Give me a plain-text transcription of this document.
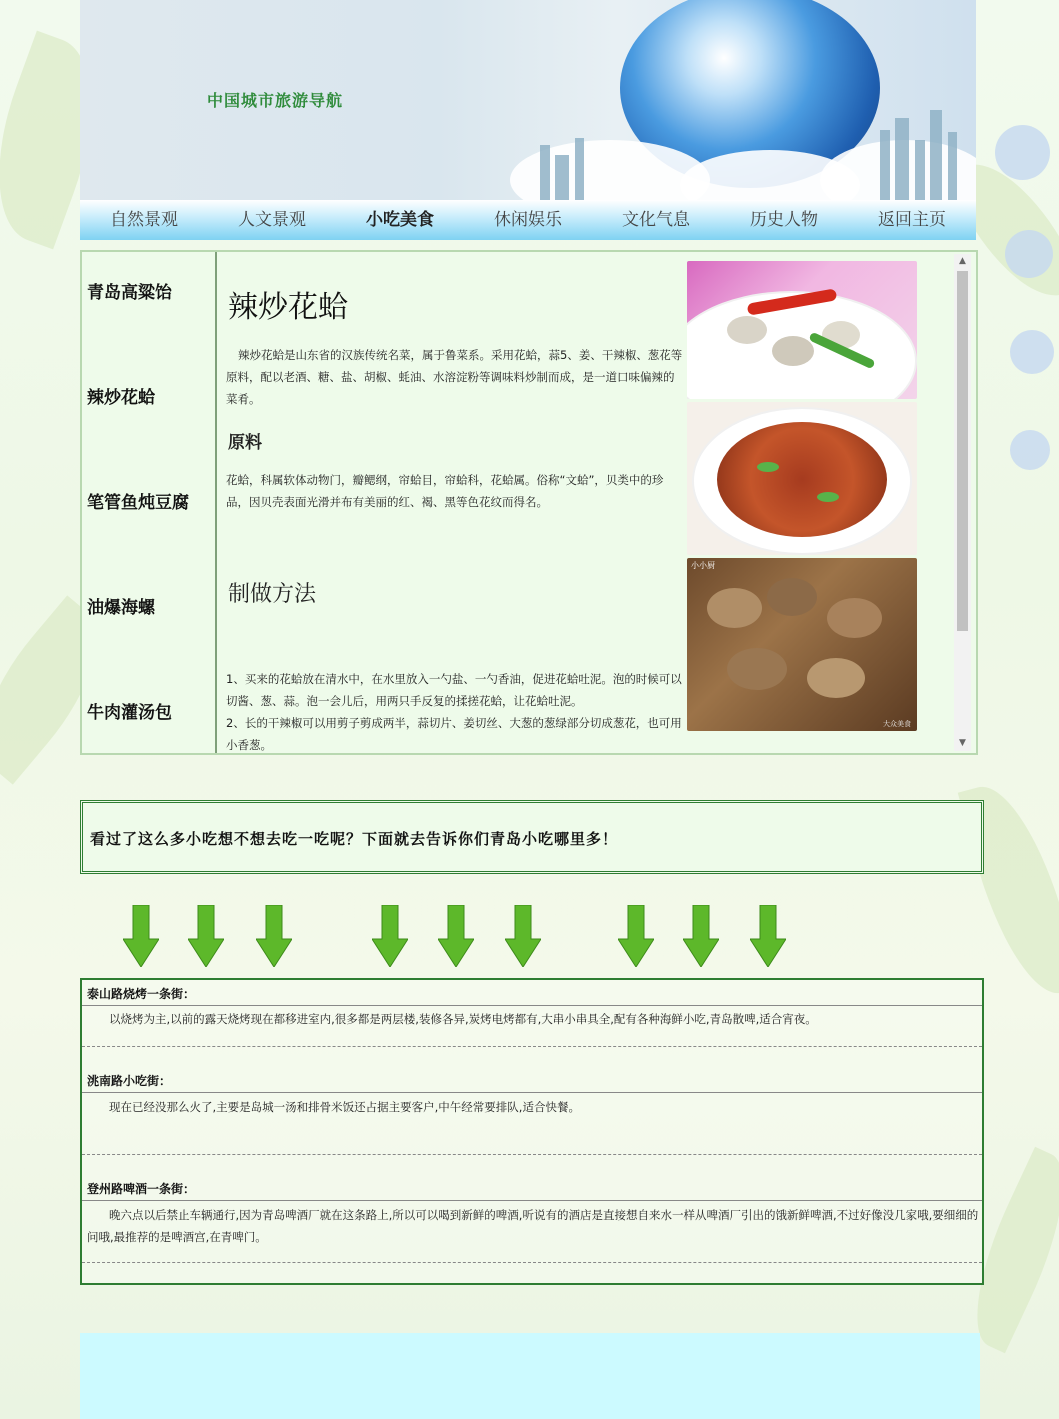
中国城市旅游导航
自然景观	人文景观	小吃美食	休闲娱乐	文化气息	历史人物	返回主页
青岛高粱饴
辣炒花蛤
笔管鱼炖豆腐
油爆海螺
牛肉灌汤包
辣炒花蛤
辣炒花蛤是山东省的汉族传统名菜，属于鲁菜系。采用花蛤，蒜5、姜、干辣椒、葱花等原料，配以老酒、糖、盐、胡椒、蚝油、水溶淀粉等调味料炒制而成，是一道口味偏辣的菜肴。
原料
花蛤，科属软体动物门，瓣鳃纲，帘蛤目，帘蛤科，花蛤属。俗称“文蛤”，贝类中的珍品，因贝壳表面光滑并布有美丽的红、褐、黑等色花纹而得名。
制做方法
1、买来的花蛤放在清水中，在水里放入一勺盐、一勺香油，促进花蛤吐泥。泡的时候可以切酱、葱、蒜。泡一会儿后，用两只手反复的揉搓花蛤，让花蛤吐泥。
2、长的干辣椒可以用剪子剪成两半，蒜切片、姜切丝、大葱的葱绿部分切成葱花，也可用小香葱。
小小厨
大众美食
▲
▼
看过了这么多小吃想不想去吃一吃呢？下面就去告诉你们青岛小吃哪里多！
泰山路烧烤一条街：
以烧烤为主,以前的露天烧烤现在都移进室内,很多都是两层楼,装修各异,炭烤电烤都有,大串小串具全,配有各种海鲜小吃,青岛散啤,适合宵夜。
洮南路小吃街：
现在已经没那么火了,主要是岛城一汤和排骨米饭还占据主要客户,中午经常要排队,适合快餐。
登州路啤酒一条街：
晚六点以后禁止车辆通行,因为青岛啤酒厂就在这条路上,所以可以喝到新鲜的啤酒,听说有的酒店是直接想自来水一样从啤酒厂引出的饿新鲜啤酒,不过好像没几家哦,要细细的问哦,最推荐的是啤酒宫,在青啤门。
